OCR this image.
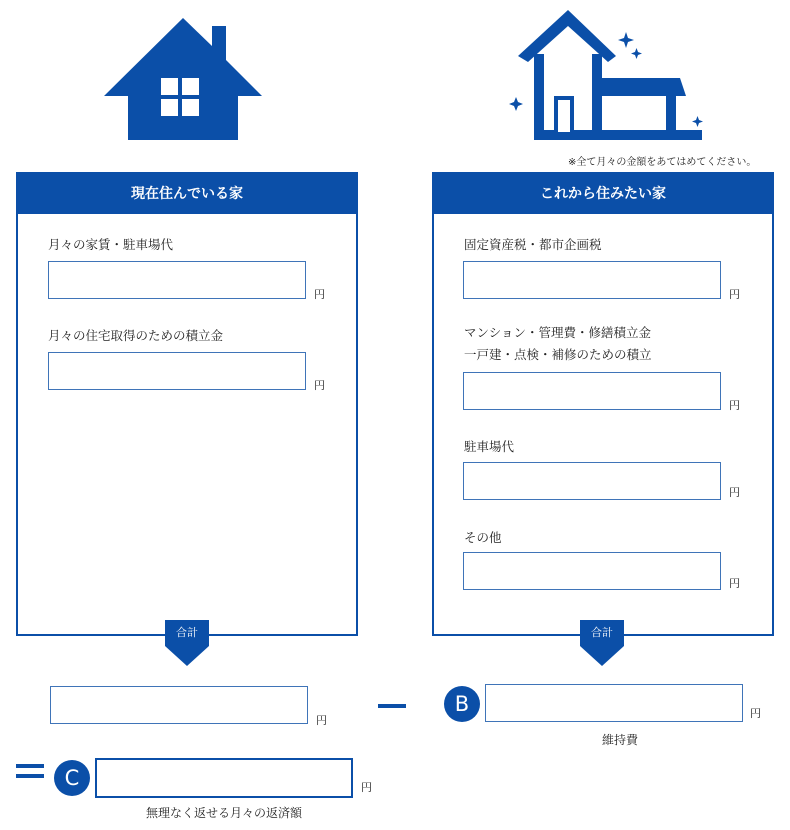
※全て月々の金額をあてはめてください。
現在住んでいる家
月々の家賃・駐車場代
円
月々の住宅取得のための積立金
円
合計
これから住みたい家
固定資産税・都市企画税
円
マンション・管理費・修繕積立金
一戸建・点検・補修のための積立
円
駐車場代
円
その他
円
合計
円
B	円
維持費
C	円
無理なく返せる月々の返済額
